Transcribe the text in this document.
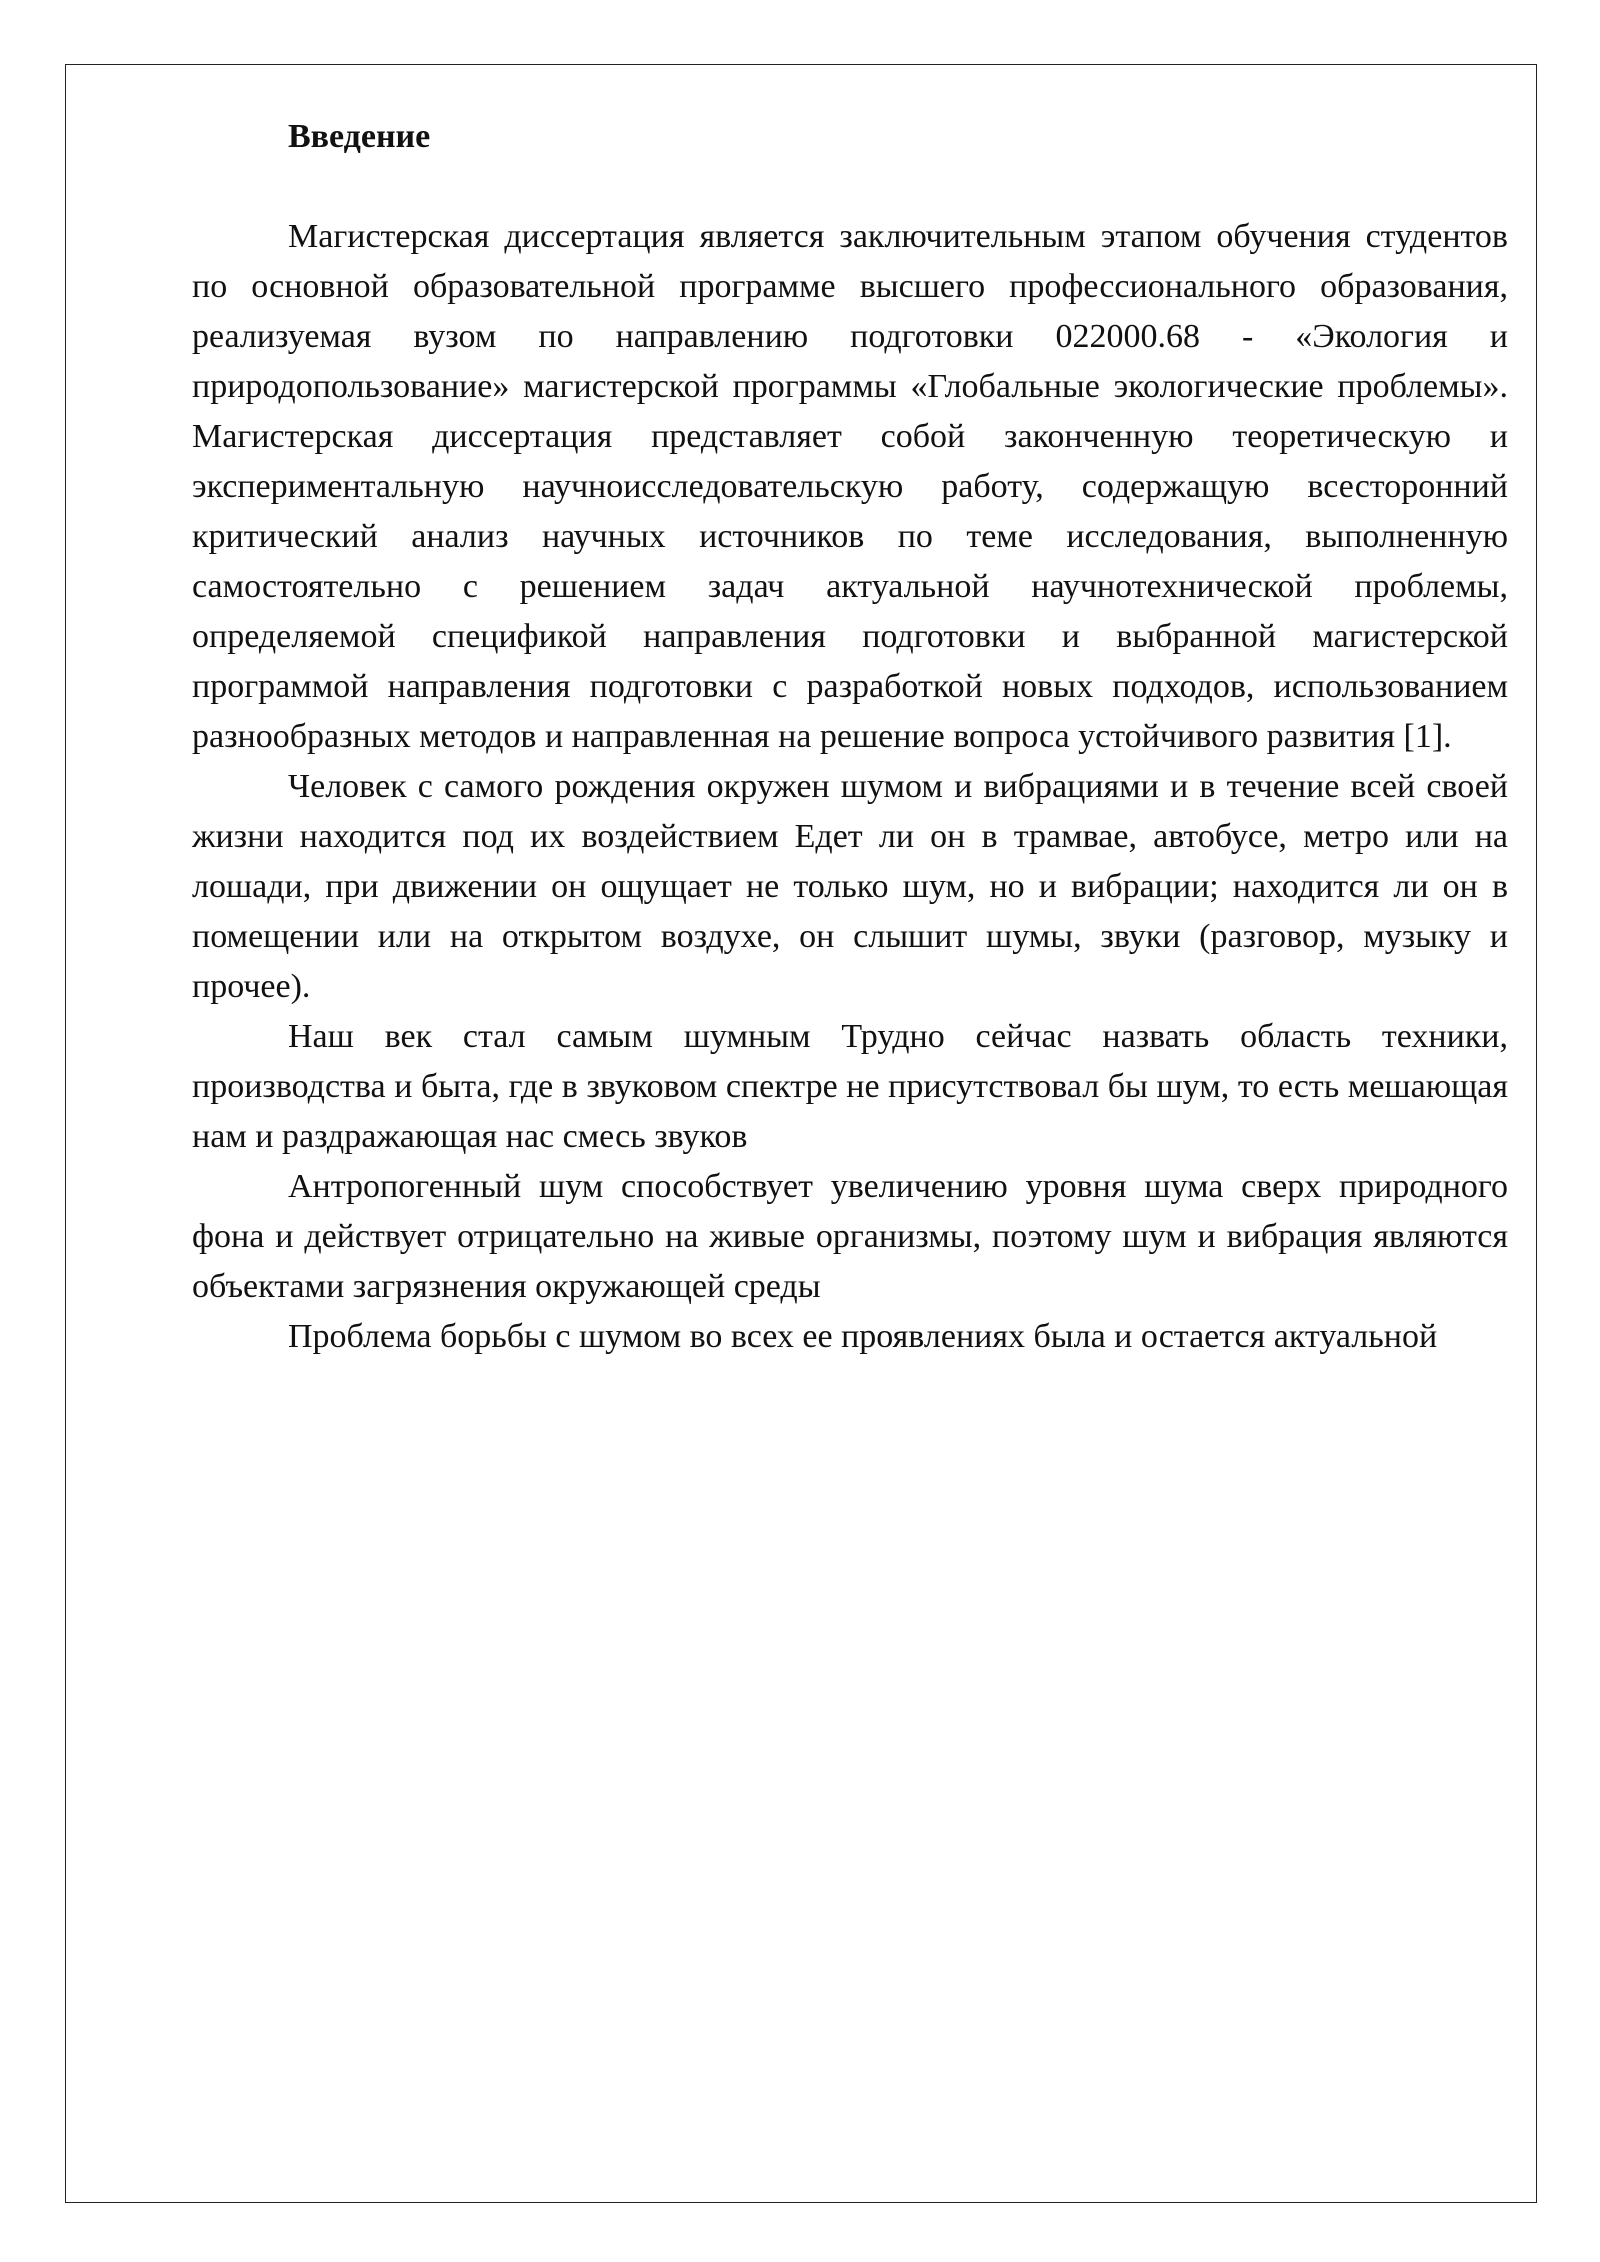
Введение

Магистерская диссертация является заключительным этапом обучения студентов по основной образовательной программе высшего профессионального образования, реализуемая вузом по направлению подготовки 022000.68 - «Экология и природопользование» магистерской программы «Глобальные экологические проблемы». Магистерская диссертация представляет собой законченную теоретическую и экспериментальную научноисследовательскую работу, содержащую всесторонний критический анализ научных источников по теме исследования, выполненную самостоятельно с решением задач актуальной научнотехнической проблемы, определяемой спецификой направления подготовки и выбранной магистерской программой направления подготовки с разработкой новых подходов, использованием разнообразных методов и направленная на решение вопроса устойчивого развития [1].

Человек с самого рождения окружен шумом и вибрациями и в течение всей своей жизни находится под их воздействием Едет ли он в трамвае, автобусе, метро или на лошади, при движении он ощущает не только шум, но и вибрации; находится ли он в помещении или на открытом воздухе, он слышит шумы, звуки (разговор, музыку и прочее).

Наш век стал самым шумным Трудно сейчас назвать область техники, производства и быта, где в звуковом спектре не присутствовал бы шум, то есть мешающая нам и раздражающая нас смесь звуков

Антропогенный шум способствует увеличению уровня шума сверх природного фона и действует отрицательно на живые организмы, поэтому шум и вибрация являются объектами загрязнения окружающей среды

Проблема борьбы с шумом во всех ее проявлениях была и остается актуальной
